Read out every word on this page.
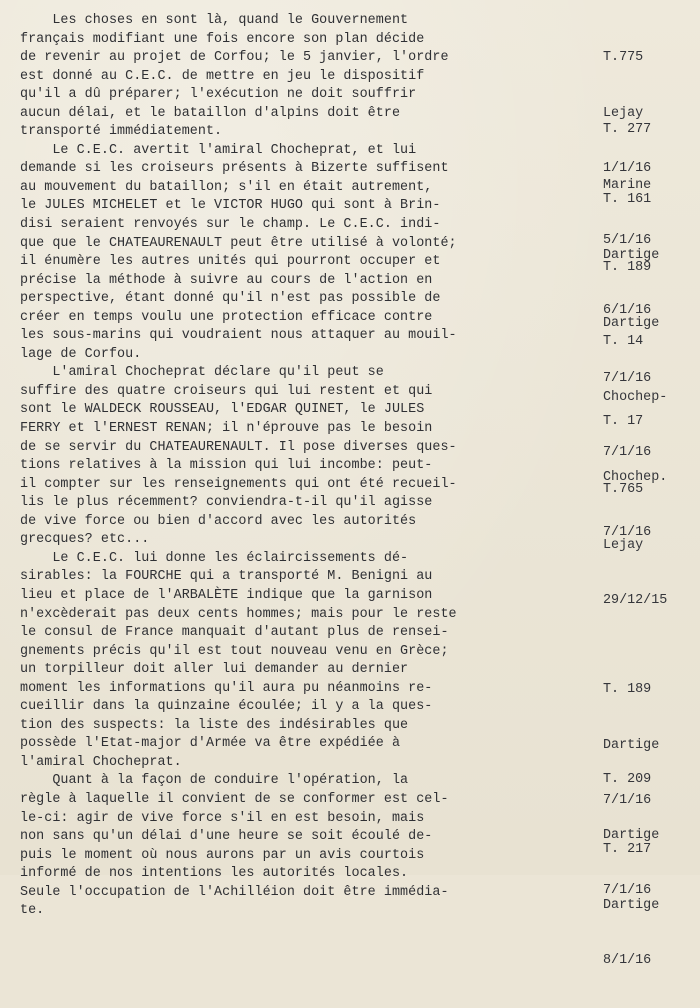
Les choses en sont là, quand le Gouvernement
français modifiant une fois encore son plan décide
de revenir au projet de Corfou; le 5 janvier, l'ordre
est donné au C.E.C. de mettre en jeu le dispositif
qu'il a dû préparer; l'exécution ne doit souffrir
aucun délai, et le bataillon d'alpins doit être
transporté immédiatement.
Le C.E.C. avertit l'amiral Chocheprat, et lui
demande si les croiseurs présents à Bizerte suffisent
au mouvement du bataillon; s'il en était autrement,
le JULES MICHELET et le VICTOR HUGO qui sont à Brin-
disi seraient renvoyés sur le champ. Le C.E.C. indi-
que que le CHATEAURENAULT peut être utilisé à volonté;
il énumère les autres unités qui pourront occuper et
précise la méthode à suivre au cours de l'action en
perspective, étant donné qu'il n'est pas possible de
créer en temps voulu une protection efficace contre
les sous-marins qui voudraient nous attaquer au mouil-
lage de Corfou.
L'amiral Chocheprat déclare qu'il peut se
suffire des quatre croiseurs qui lui restent et qui
sont le WALDECK ROUSSEAU, l'EDGAR QUINET, le JULES
FERRY et l'ERNEST RENAN; il n'éprouve pas le besoin
de se servir du CHATEAURENAULT. Il pose diverses ques-
tions relatives à la mission qui lui incombe: peut-
il compter sur les renseignements qui ont été recueil-
lis le plus récemment? conviendra-t-il qu'il agisse
de vive force ou bien d'accord avec les autorités
grecques? etc...
Le C.E.C. lui donne les éclaircissements dé-
sirables: la FOURCHE qui a transporté M. Benigni au
lieu et place de l'ARBALÈTE indique que la garnison
n'excèderait pas deux cents hommes; mais pour le reste
le consul de France manquait d'autant plus de rensei-
gnements précis qu'il est tout nouveau venu en Grèce;
un torpilleur doit aller lui demander au dernier
moment les informations qu'il aura pu néanmoins re-
cueillir dans la quinzaine écoulée; il y a la ques-
tion des suspects: la liste des indésirables que
possède l'Etat-major d'Armée va être expédiée à
l'amiral Chocheprat.
Quant à la façon de conduire l'opération, la
règle à laquelle il convient de se conformer est cel-
le-ci: agir de vive force s'il en est besoin, mais
non sans qu'un délai d'une heure se soit écoulé de-
puis le moment où nous aurons par un avis courtois
informé de nos intentions les autorités locales.
Seule l'occupation de l'Achilléion doit être immédia-
te.

T.775

Lejay

1/1/16

T. 277

Marine

5/1/16

T. 161

Dartige

6/1/16

T. 189

Dartige

7/1/16

T. 14

Chochep-

7/1/16

T. 17

Chochep.

7/1/16

T.765

Lejay

29/12/15

T. 189

Dartige

7/1/16

T. 209

Dartige

7/1/16

T. 217

Dartige

8/1/16
